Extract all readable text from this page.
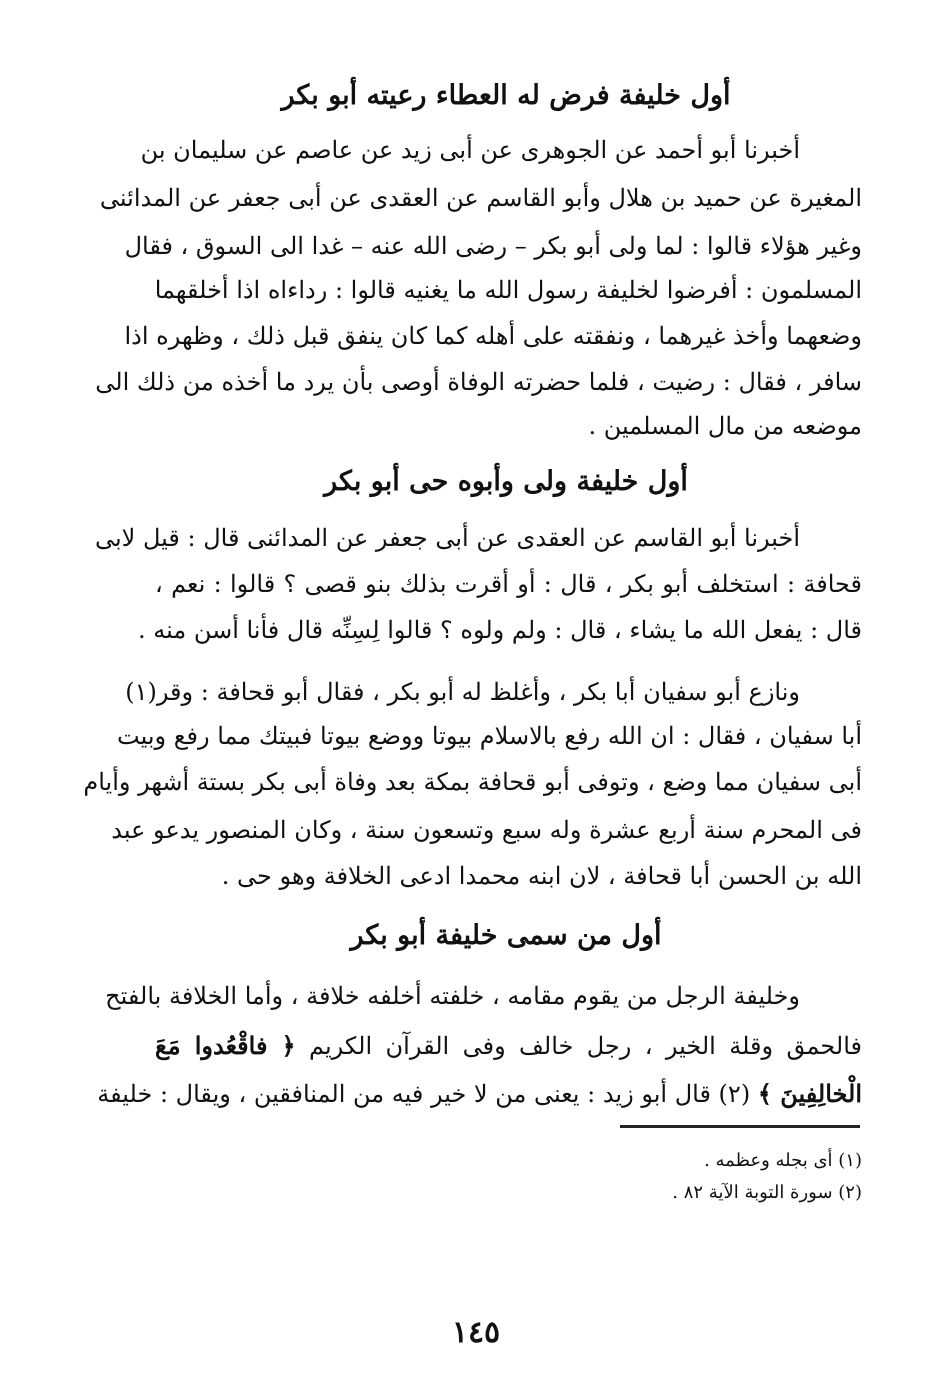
أول خليفة فرض له العطاء رعيته أبو بكر
أخبرنا أبو أحمد عن الجوهرى عن أبى زيد عن عاصم عن سليمان بن
المغيرة عن حميد بن هلال وأبو القاسم عن العقدى عن أبى جعفر عن المدائنى
وغير هؤلاء قالوا : لما ولى أبو بكر – رضى الله عنه – غدا الى السوق ، فقال
المسلمون : أفرضوا لخليفة رسول الله ما يغنيه قالوا : رداءاه اذا أخلقهما
وضعهما وأخذ غيرهما ، ونفقته على أهله كما كان ينفق قبل ذلك ، وظهره اذا
سافر ، فقال : رضيت ، فلما حضرته الوفاة أوصى بأن يرد ما أخذه من ذلك الى
موضعه من مال المسلمين .
أول خليفة ولى وأبوه حى أبو بكر
أخبرنا أبو القاسم عن العقدى عن أبى جعفر عن المدائنى قال : قيل لابى
قحافة : استخلف أبو بكر ، قال : أو أقرت بذلك بنو قصى ؟ قالوا : نعم ،
قال : يفعل الله ما يشاء ، قال : ولم ولوه ؟ قالوا لِسِنِّه قال فأنا أسن منه .
ونازع أبو سفيان أبا بكر ، وأغلظ له أبو بكر ، فقال أبو قحافة : وقر(١)
أبا سفيان ، فقال : ان الله رفع بالاسلام بيوتا ووضع بيوتا فبيتك مما رفع وبيت
أبى سفيان مما وضع ، وتوفى أبو قحافة بمكة بعد وفاة أبى بكر بستة أشهر وأيام
فى المحرم سنة أربع عشرة وله سبع وتسعون سنة ، وكان المنصور يدعو عبد
الله بن الحسن أبا قحافة ، لان ابنه محمدا ادعى الخلافة وهو حى .
أول من سمى خليفة أبو بكر
وخليفة الرجل من يقوم مقامه ، خلفته أخلفه خلافة ، وأما الخلافة بالفتح
فالحمق وقلة الخير ، رجل خالف وفى القرآن الكريم ﴿ فاقْعُدوا مَعَ
الْخالِفِينَ ﴾ (٢) قال أبو زيد : يعنى من لا خير فيه من المنافقين ، ويقال : خليفة
(١) أى بجله وعظمه .
(٢) سورة التوبة الآية ٨٢ .
١٤٥
